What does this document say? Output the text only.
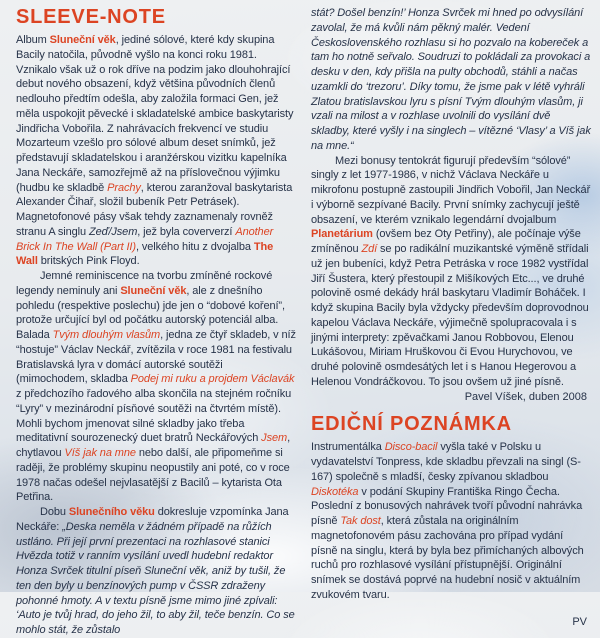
SLEEVE-NOTE

Album Sluneční věk, jediné sólové, které kdy skupina Bacily natočila, původně vyšlo na konci roku 1981. Vznikalo však už o rok dříve na podzim jako dlouhohrající debut nového obsazení, když většina původních členů nedlouho předtím odešla, aby založila formaci Gen, jež měla uspokojit pěvecké i skladatelské ambice baskytaristy Jindřicha Vobořila. Z nahrávacích frekvencí ve studiu Mozarteum vzešlo pro sólové album deset snímků, jež představují skladatelskou i aranžérskou vizitku kapelníka Jana Neckáře, samozřejmě až na příslovečnou výjimku (hudbu ke skladbě Prachy, kterou zaranžoval baskytarista Alexander Čihař, složil bubeník Petr Petrásek). Magnetofonové pásy však tehdy zaznamenaly rovněž stranu A singlu Zeď/Jsem, jež byla coververzí Another Brick In The Wall (Part II), velkého hitu z dvojalba The Wall britských Pink Floyd.

Jemné reminiscence na tvorbu zmíněné rockové legendy neminuly ani Sluneční věk, ale z dnešního pohledu (respektive poslechu) jde jen o “dobové koření”, protože určující byl od počátku autorský potenciál alba. Balada Tvým dlouhým vlasům, jedna ze čtyř skladeb, v níž “hostuje” Václav Neckář, zvítězila v roce 1981 na festivalu Bratislavská lyra v domácí autorské soutěži (mimochodem, skladba Podej mi ruku a projdem Václavák z předchozího řadového alba skončila na stejném ročníku “Lyry” v mezinárodní písňové soutěži na čtvrtém místě). Mohli bychom jmenovat silné skladby jako třeba meditativní sourozenecký duet bratrů Neckářových Jsem, chytlavou Víš jak na mne nebo další, ale připomeňme si raději, že problémy skupinu neopustily ani poté, co v roce 1978 načas odešel nejvlasatější z Bacilů – kytarista Ota Petřina.

Dobu Slunečního věku dokresluje vzpomínka Jana Neckáře: „Deska neměla v žádném případě na růžích ustláno. Při její první prezentaci na rozhlasové stanici Hvězda totiž v ranním vysílání uvedl hudební redaktor Honza Svrček titulní píseň Sluneční věk, aniž by tušil, že ten den byly u benzínových pump v ČSSR zdraženy pohonné hmoty. A v textu písně jsme mimo jiné zpívali: ‘Auto je tvůj hrad, do jeho žil, to aby žil, teče benzín. Co se mohlo stát, že zůstalo

stát? Došel benzín!’ Honza Svrček mi hned po odvysílání zavolal, že má kvůli nám pěkný malér. Vedení Československého rozhlasu si ho pozvalo na kobereček a tam ho notně seřvalo. Soudruzi to pokládali za provokaci a desku v den, kdy přišla na pulty obchodů, stáhli a načas uzamkli do ‘trezoru’. Díky tomu, že jsme pak v létě vyhráli Zlatou bratislavskou lyru s písní Tvým dlouhým vlasům, ji vzali na milost a v rozhlase uvolnili do vysílání dvě skladby, které vyšly i na singlech – vítězné ‘Vlasy’ a Víš jak na mne.“

Mezi bonusy tentokrát figurují především “sólové” singly z let 1977-1986, v nichž Václava Neckáře u mikrofonu postupně zastoupili Jindřich Vobořil, Jan Neckář i výborně sezpívané Bacily. První snímky zachycují ještě obsazení, ve kterém vznikalo legendární dvojalbum Planetárium (ovšem bez Oty Petřiny), ale počínaje výše zmíněnou Zdí se po radikální muzikantské výměně střídali už jen bubeníci, když Petra Petráska v roce 1982 vystřídal Jiří Šustera, který přestoupil z Mišíkových Etc..., ve druhé polovině osmé dekády hrál baskytaru Vladimír Boháček. I když skupina Bacily byla vždycky především doprovodnou kapelou Václava Neckáře, výjimečně spolupracovala i s jinými interprety: zpěvačkami Janou Robbovou, Elenou Lukášovou, Miriam Hruškovou či Evou Hurychovou, ve druhé polovině osmdesátých let i s Hanou Hegerovou a Helenou Vondráčkovou. To jsou ovšem už jiné písně.

Pavel Víšek, duben 2008
EDIČNÍ POZNÁMKA

Instrumentálka Disco-bacil vyšla také v Polsku u vydavatelství Tonpress, kde skladbu převzali na singl (S-167) společně s mladší, česky zpívanou skladbou Diskotéka v podání Skupiny Františka Ringo Čecha. Poslední z bonusových nahrávek tvoří původní nahrávka písně Tak dost, která zůstala na originálním magnetofonovém pásu zachována pro případ vydání písně na singlu, která by byla bez přimíchaných albových ruchů pro rozhlasové vysílání přístupnější. Originální snímek se dostává poprvé na hudební nosič v aktuálním zvukovém tvaru.

PV
